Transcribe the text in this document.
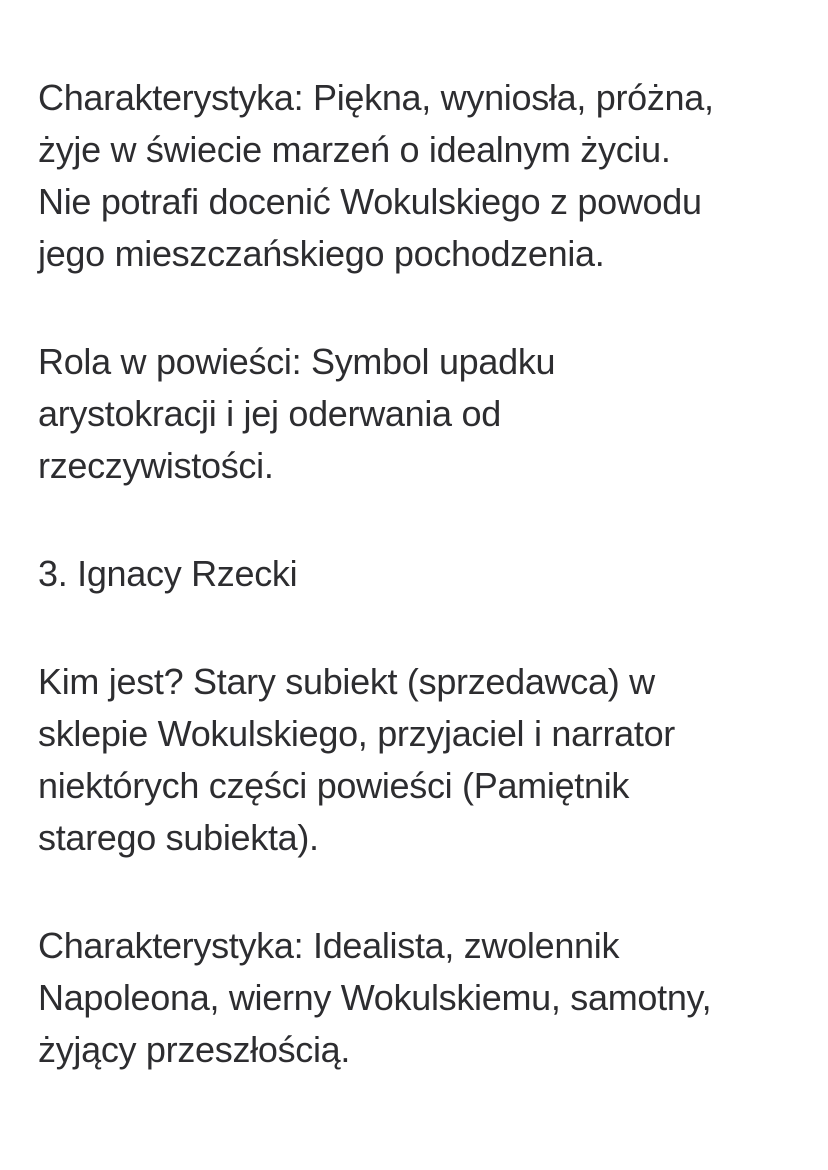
Charakterystyka: Piękna, wyniosła, próżna,
żyje w świecie marzeń o idealnym życiu.
Nie potrafi docenić Wokulskiego z powodu
jego mieszczańskiego pochodzenia.
Rola w powieści: Symbol upadku
arystokracji i jej oderwania od
rzeczywistości.
3. Ignacy Rzecki
Kim jest? Stary subiekt (sprzedawca) w
sklepie Wokulskiego, przyjaciel i narrator
niektórych części powieści (Pamiętnik
starego subiekta).
Charakterystyka: Idealista, zwolennik
Napoleona, wierny Wokulskiemu, samotny,
żyjący przeszłością.
